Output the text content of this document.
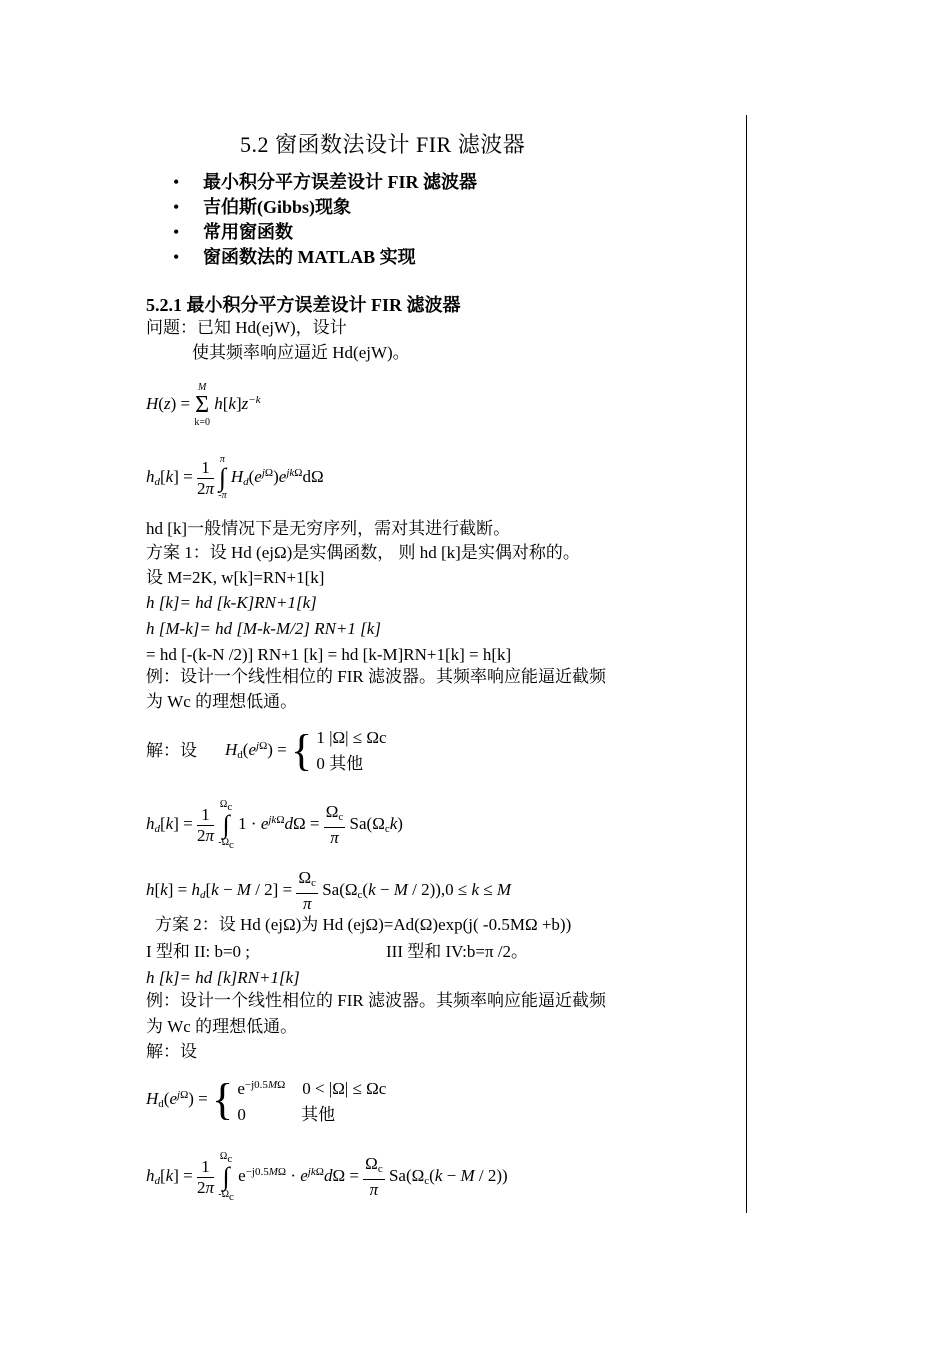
5.2 窗函数法设计 FIR 滤波器
• 最小积分平方误差设计 FIR 滤波器
• 吉伯斯(Gibbs)现象
• 常用窗函数
• 窗函数法的 MATLAB 实现
5.2.1 最小积分平方误差设计 FIR 滤波器
问题：已知 Hd(ejW)，设计
使其频率响应逼近 Hd(ejW)。
H(z) =
M
Σ
k=0
$h[k]z^{-k}$
$h_d[k] = \frac{1}{2\pi}$
π
∫
-π
$H_d(e^{j\Omega})e^{jk\Omega}d\Omega$
hd [k]一般情况下是无穷序列，需对其进行截断。
方案 1：设 Hd (ejΩ)是实偶函数， 则 hd [k]是实偶对称的。
设 M=2K, w[k]=RN+1[k]
h [k]= hd [k-K]RN+1[k]
h [M-k]= hd [M-k-M/2] RN+1 [k]
= hd [-(k-N /2)] RN+1 [k] = hd [k-M]RN+1[k] = h[k]
例：设计一个线性相位的 FIR 滤波器。其频率响应能逼近截频
为 Wc 的理想低通。
解：设 $H_d(e^{j\Omega})$ = { 1 |Ω| ≤ Ωc
0 其他
$h_d[k] = \frac{1}{2\pi}$
$\Omega_c$
∫
$-\Omega_c$
$1 \cdot e^{jk\Omega}d\Omega = \frac{\Omega_c}{\pi} Sa(\Omega_ck)$
$h[k] = h_d[k - M / 2] = \frac{\Omega_c}{\pi} Sa(\Omega_c(k - M / 2)),0 \le k \le M$
方案 2：设 Hd (ejΩ)为 Hd (ejΩ)=Ad(Ω)exp(j( -0.5MΩ +b))
I 型和 II: b=0 ;	III 型和 IV:b=π /2。
h [k]= hd [k]RN+1[k]
例：设计一个线性相位的 FIR 滤波器。其频率响应能逼近截频
为 Wc 的理想低通。
解：设
$H_d(e^{j\Omega})$ = { $e^{-j0.5M\Omega}$ 0 < |Ω| ≤ Ωc
0             其他
$h_d[k] = \frac{1}{2\pi}$
$\Omega_c$
∫
$-\Omega_c$
$e^{-j0.5M\Omega} \cdot e^{jk\Omega}d\Omega = \frac{\Omega_c}{\pi} Sa(\Omega_c(k - M / 2))$
